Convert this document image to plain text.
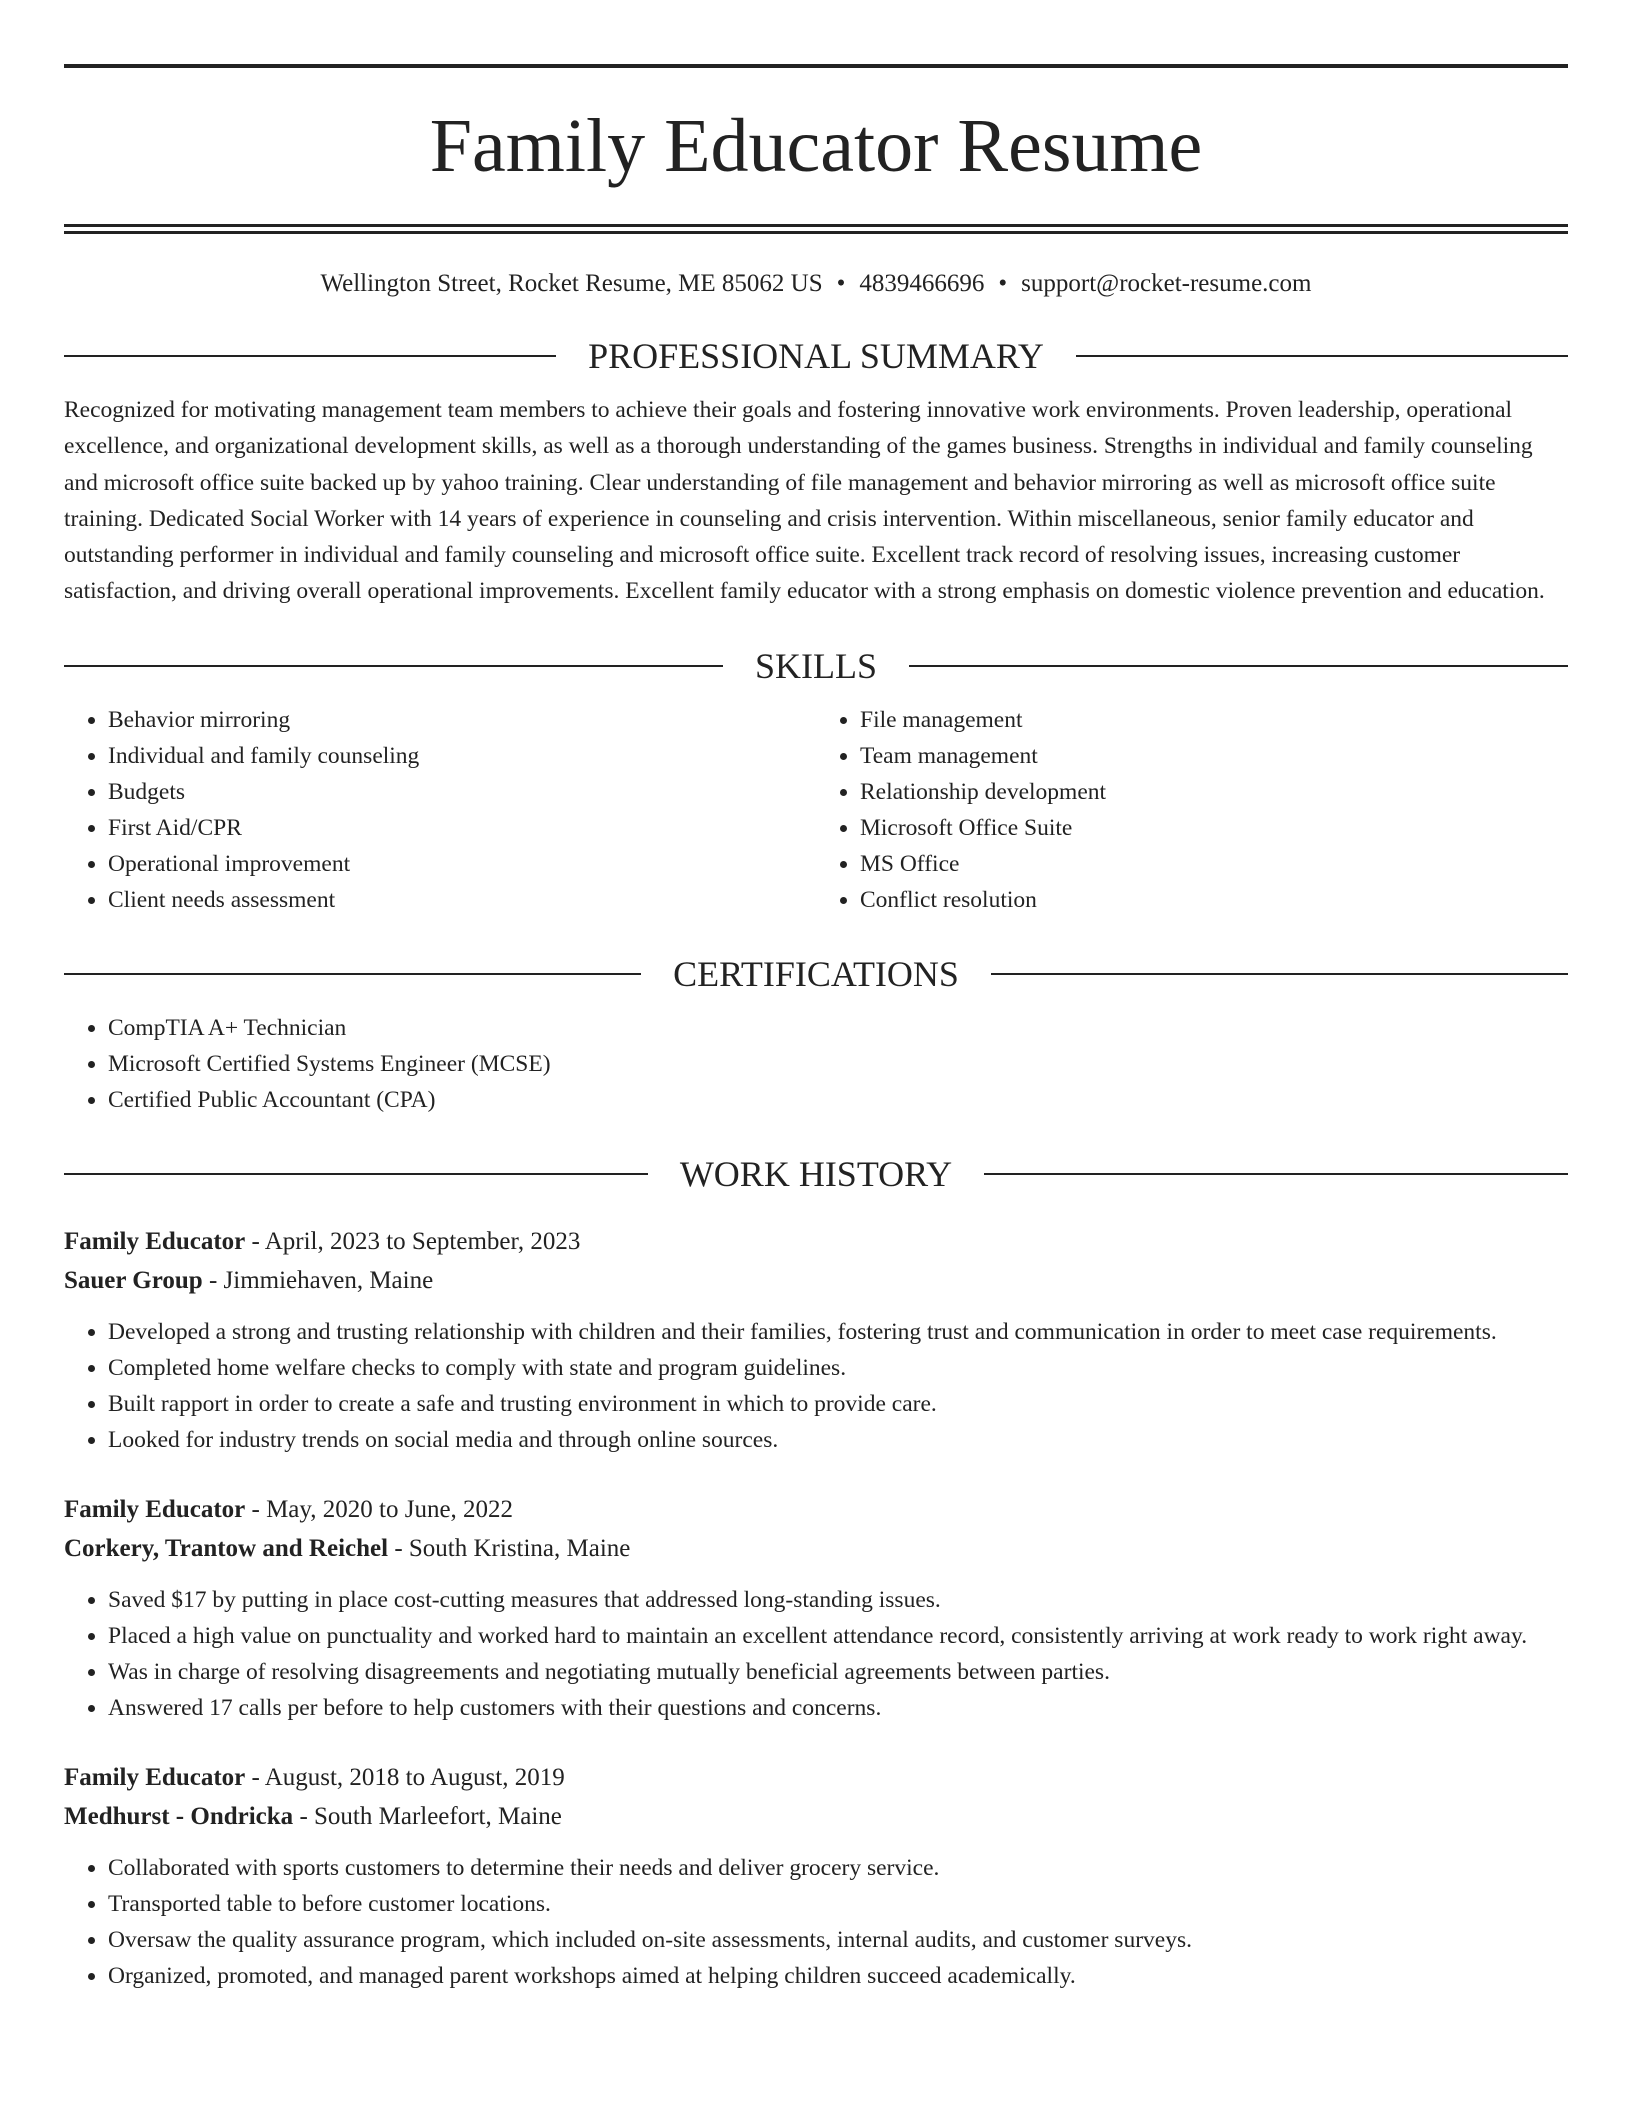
Family Educator Resume
Wellington Street, Rocket Resume, ME 85062 US • 4839466696 • support@rocket-resume.com
PROFESSIONAL SUMMARY
Recognized for motivating management team members to achieve their goals and fostering innovative work environments. Proven leadership, operational excellence, and organizational development skills, as well as a thorough understanding of the games business. Strengths in individual and family counseling and microsoft office suite backed up by yahoo training. Clear understanding of file management and behavior mirroring as well as microsoft office suite training. Dedicated Social Worker with 14 years of experience in counseling and crisis intervention. Within miscellaneous, senior family educator and outstanding performer in individual and family counseling and microsoft office suite. Excellent track record of resolving issues, increasing customer satisfaction, and driving overall operational improvements. Excellent family educator with a strong emphasis on domestic violence prevention and education.
SKILLS
• Behavior mirroring
• Individual and family counseling
• Budgets
• First Aid/CPR
• Operational improvement
• Client needs assessment
• File management
• Team management
• Relationship development
• Microsoft Office Suite
• MS Office
• Conflict resolution
CERTIFICATIONS
• CompTIA A+ Technician
• Microsoft Certified Systems Engineer (MCSE)
• Certified Public Accountant (CPA)
WORK HISTORY
Family Educator - April, 2023 to September, 2023
Sauer Group - Jimmiehaven, Maine
• Developed a strong and trusting relationship with children and their families, fostering trust and communication in order to meet case requirements.
• Completed home welfare checks to comply with state and program guidelines.
• Built rapport in order to create a safe and trusting environment in which to provide care.
• Looked for industry trends on social media and through online sources.
Family Educator - May, 2020 to June, 2022
Corkery, Trantow and Reichel - South Kristina, Maine
• Saved $17 by putting in place cost-cutting measures that addressed long-standing issues.
• Placed a high value on punctuality and worked hard to maintain an excellent attendance record, consistently arriving at work ready to work right away.
• Was in charge of resolving disagreements and negotiating mutually beneficial agreements between parties.
• Answered 17 calls per before to help customers with their questions and concerns.
Family Educator - August, 2018 to August, 2019
Medhurst - Ondricka - South Marleefort, Maine
• Collaborated with sports customers to determine their needs and deliver grocery service.
• Transported table to before customer locations.
• Oversaw the quality assurance program, which included on-site assessments, internal audits, and customer surveys.
• Organized, promoted, and managed parent workshops aimed at helping children succeed academically.
